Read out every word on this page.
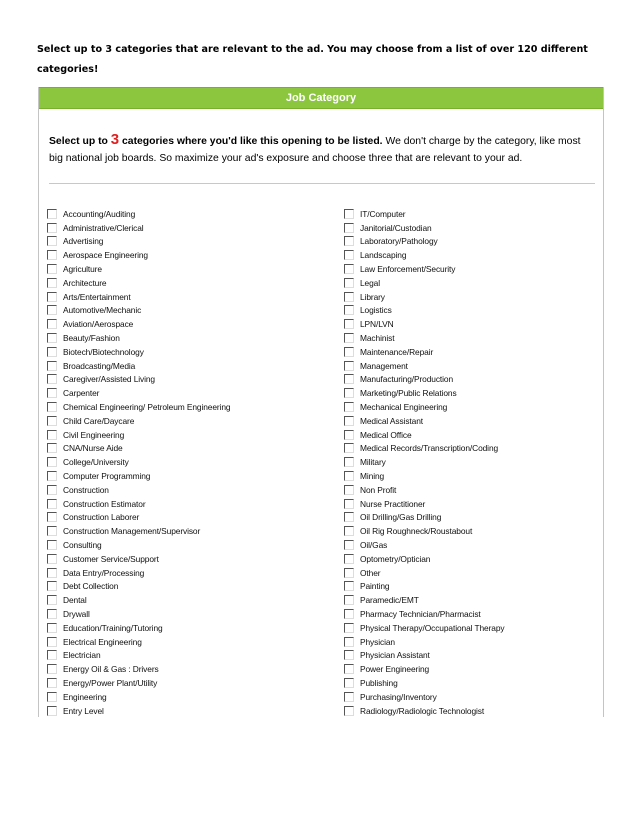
Select up to 3 categories that are relevant to the ad. You may choose from a list of over 120 different categories!
Job Category
Select up to 3 categories where you'd like this opening to be listed. We don't charge by the category, like most big national job boards. So maximize your ad's exposure and choose three that are relevant to your ad.
Accounting/Auditing
Administrative/Clerical
Advertising
Aerospace Engineering
Agriculture
Architecture
Arts/Entertainment
Automotive/Mechanic
Aviation/Aerospace
Beauty/Fashion
Biotech/Biotechnology
Broadcasting/Media
Caregiver/Assisted Living
Carpenter
Chemical Engineering/ Petroleum Engineering
Child Care/Daycare
Civil Engineering
CNA/Nurse Aide
College/University
Computer Programming
Construction
Construction Estimator
Construction Laborer
Construction Management/Supervisor
Consulting
Customer Service/Support
Data Entry/Processing
Debt Collection
Dental
Drywall
Education/Training/Tutoring
Electrical Engineering
Electrician
Energy Oil & Gas : Drivers
Energy/Power Plant/Utility
Engineering
Entry Level
IT/Computer
Janitorial/Custodian
Laboratory/Pathology
Landscaping
Law Enforcement/Security
Legal
Library
Logistics
LPN/LVN
Machinist
Maintenance/Repair
Management
Manufacturing/Production
Marketing/Public Relations
Mechanical Engineering
Medical Assistant
Medical Office
Medical Records/Transcription/Coding
Military
Mining
Non Profit
Nurse Practitioner
Oil Drilling/Gas Drilling
Oil Rig Roughneck/Roustabout
Oil/Gas
Optometry/Optician
Other
Painting
Paramedic/EMT
Pharmacy Technician/Pharmacist
Physical Therapy/Occupational Therapy
Physician
Physician Assistant
Power Engineering
Publishing
Purchasing/Inventory
Radiology/Radiologic Technologist
